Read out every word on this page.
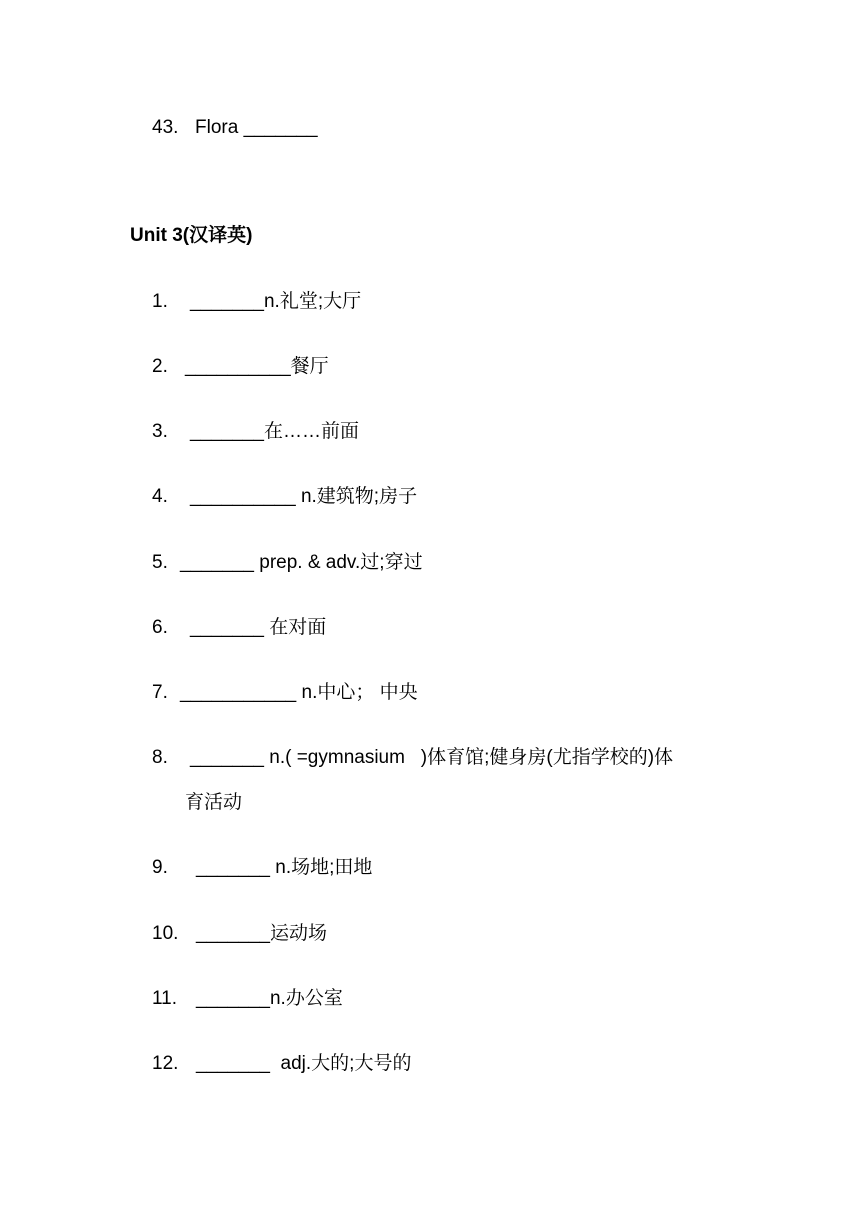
43. Flora _______
Unit 3(汉译英)
1. _______n.礼堂;大厅
2. __________餐厅
3. _______在……前面
4. __________ n.建筑物;房子
5. _______ prep. & adv.过;穿过
6. _______ 在对面
7. ___________ n.中心； 中央
8. _______ n.( =gymnasium   )体育馆;健身房(尤指学校的)体
育活动
9. _______ n.场地;田地
10. _______运动场
11. _______n.办公室
12. _______  adj.大的;大号的
